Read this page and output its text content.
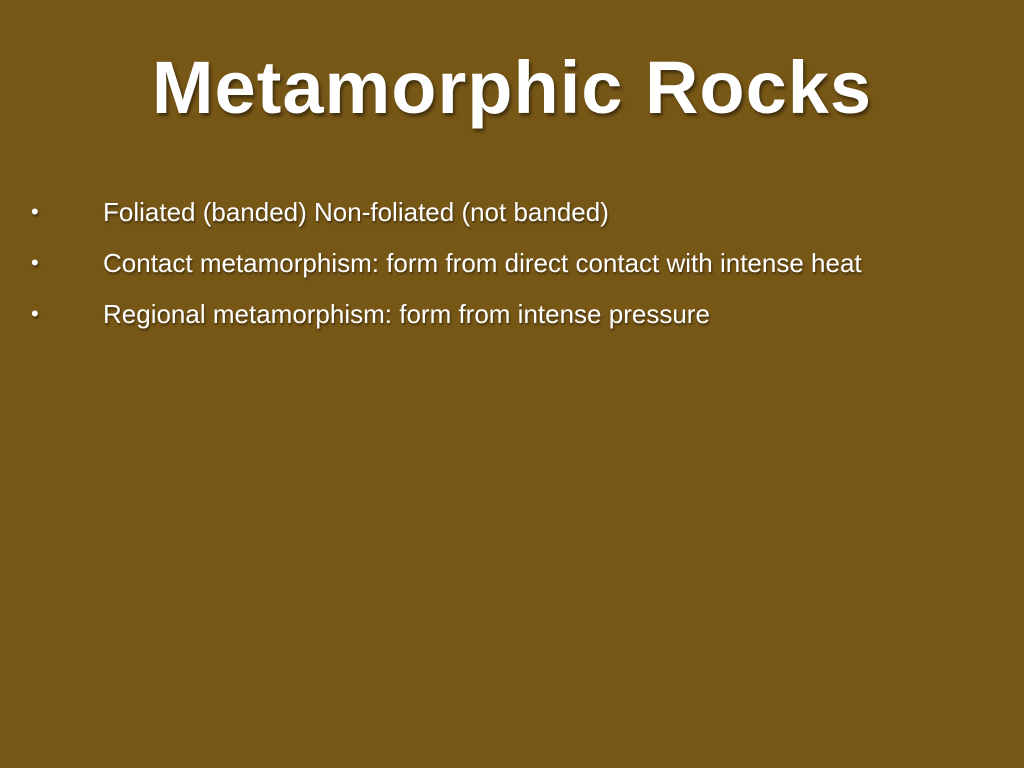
Metamorphic Rocks
•	Foliated (banded) Non-foliated (not banded)
•	Contact metamorphism: form from direct contact with intense heat
•	Regional metamorphism: form from intense pressure
